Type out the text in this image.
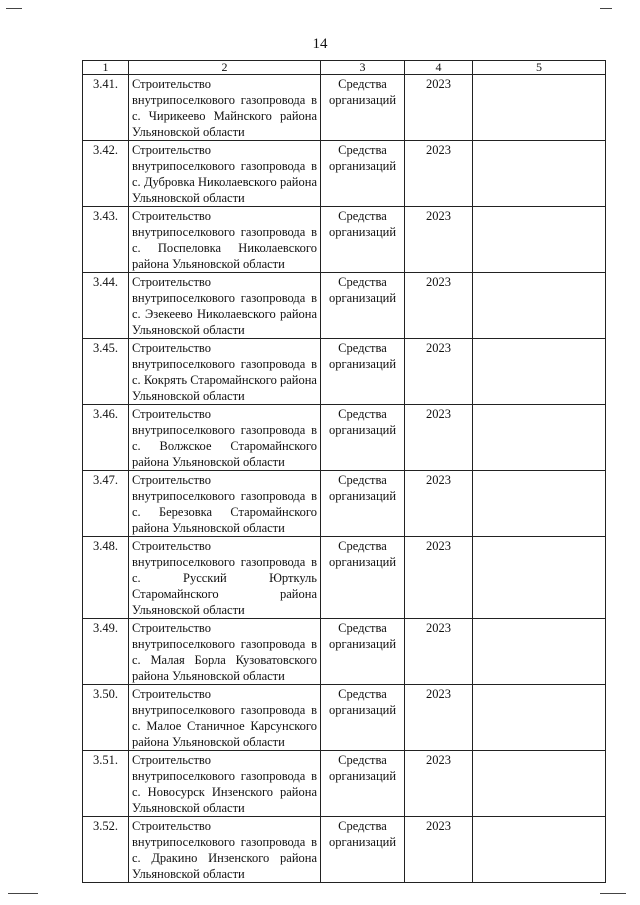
14
1	2	3	4	5
3.41.	Строительство внутрипоселкового газопровода в с. Чирикеево Майнского района Ульяновской области	Средства организаций	2023	
3.42.	Строительство внутрипоселкового газопровода в с. Дубровка Николаевского района Ульяновской области	Средства организаций	2023	
3.43.	Строительство внутрипоселкового газопровода в с. Поспеловка Николаевского района Ульяновской области	Средства организаций	2023	
3.44.	Строительство внутрипоселкового газопровода в с. Эзекеево Николаевского района Ульяновской области	Средства организаций	2023	
3.45.	Строительство внутрипоселкового газопровода в с. Кокрять Старомайнского района Ульяновской области	Средства организаций	2023	
3.46.	Строительство внутрипоселкового газопровода в с. Волжское Старомайнского района Ульяновской области	Средства организаций	2023	
3.47.	Строительство внутрипоселкового газопровода в с. Березовка Старомайнского района Ульяновской области	Средства организаций	2023	
3.48.	Строительство внутрипоселкового газопровода в с. Русский Юрткуль Старомайнского района Ульяновской области	Средства организаций	2023	
3.49.	Строительство внутрипоселкового газопровода в с. Малая Борла Кузоватовского района Ульяновской области	Средства организаций	2023	
3.50.	Строительство внутрипоселкового газопровода в с. Малое Станичное Карсунского района Ульяновской области	Средства организаций	2023	
3.51.	Строительство внутрипоселкового газопровода в с. Новосурск Инзенского района Ульяновской области	Средства организаций	2023	
3.52.	Строительство внутрипоселкового газопровода в с. Дракино Инзенского района Ульяновской области	Средства организаций	2023	
